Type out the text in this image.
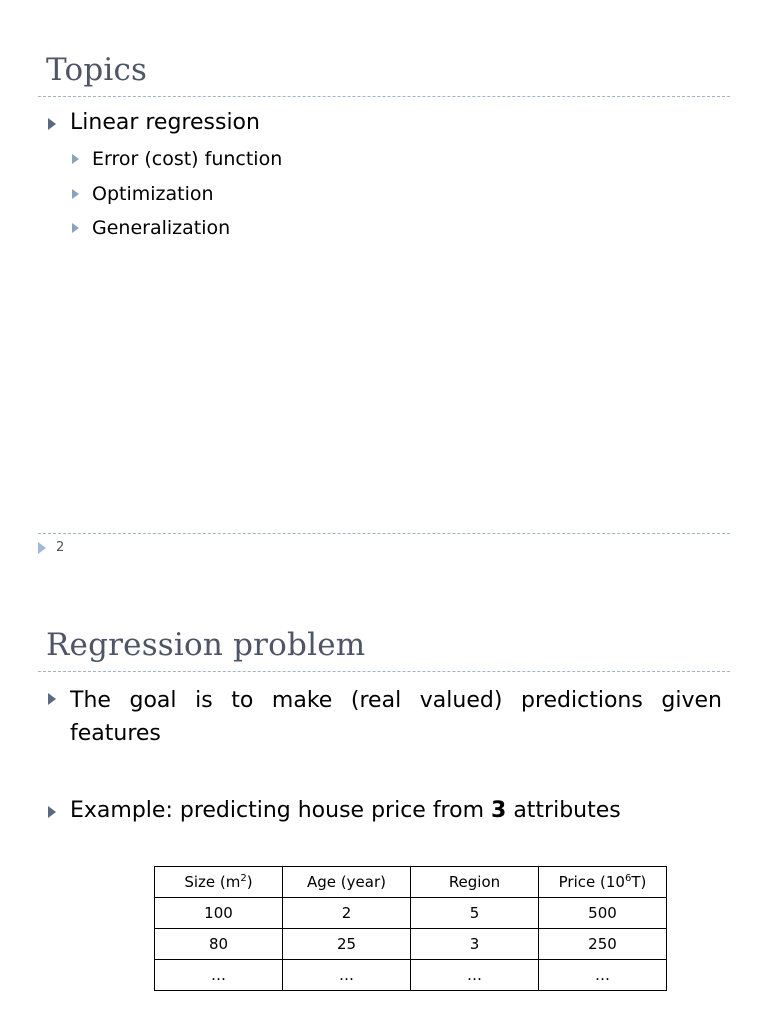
Topics
Linear regression
Error (cost) function
Optimization
Generalization
2
Regression problem
The goal is to make (real valued) predictions given
features
Example: predicting house price from 3 attributes
Size $(m^2)$	Age (year)	Region	Price $(10^6T)$
100	2	5	500
80	25	3	250
…	…	…	…
